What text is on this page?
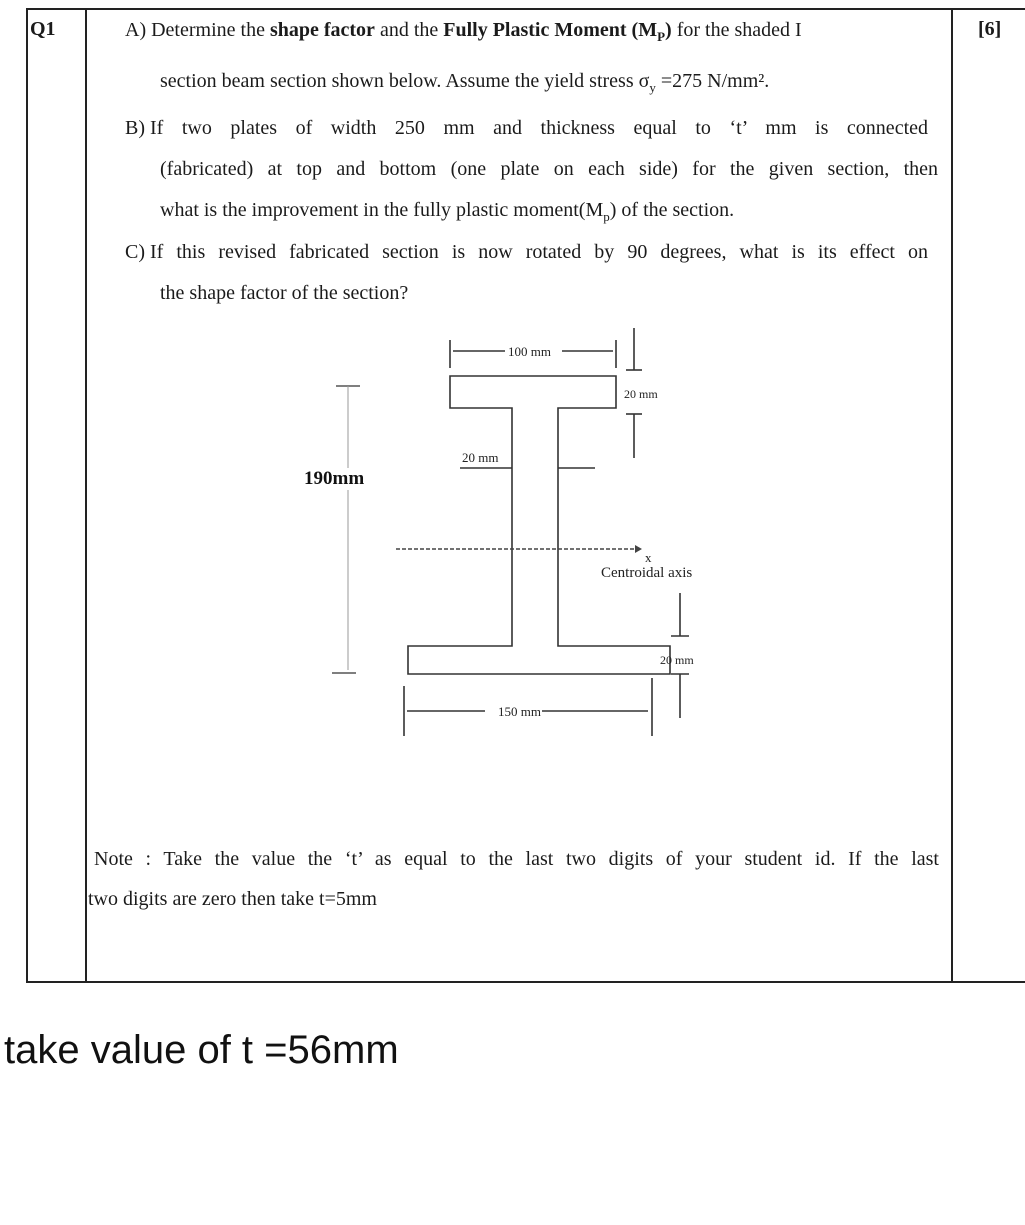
Q1	[6]
A) Determine the shape factor and the Fully Plastic Moment $(M_P)$ for the shaded I
section beam section shown below. Assume the yield stress $\sigma_y =275$ N/mm².
B) If two plates of width 250 mm and thickness equal to ‘t’ mm is connected
(fabricated) at top and bottom (one plate on each side) for the given section, then
what is the improvement in the fully plastic $moment(M_p)$ of the section.
C) If this revised fabricated section is now rotated by 90 degrees, what is its effect on
the shape factor of the section?
100 mm
20 mm
20 mm
190mm
x
Centroidal axis
20 mm
150 mm
Note : Take the value the ‘t’ as equal to the last two digits of your student id. If the last
two digits are zero then take t=5mm
take value of t =56mm
